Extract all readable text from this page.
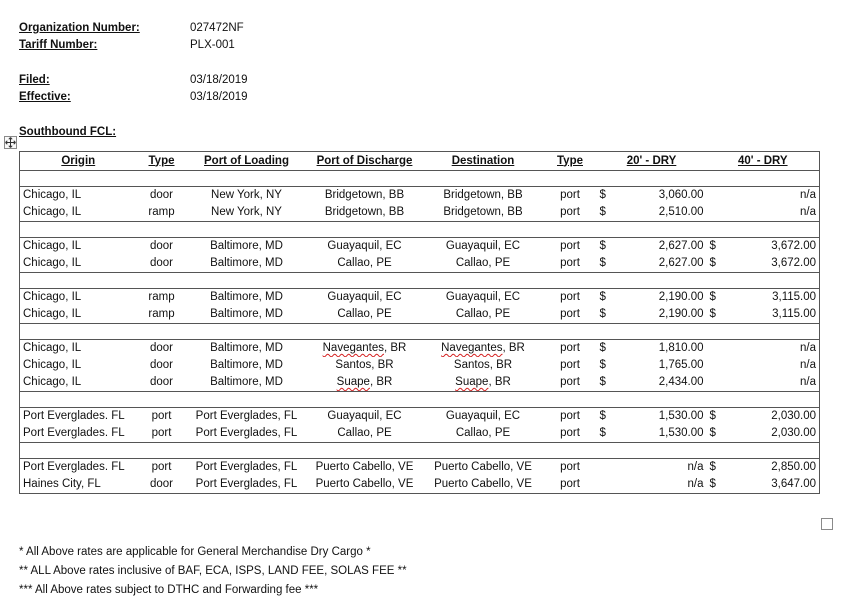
Organization Number:	027472NF
Tariff Number:	PLX-001
Filed:	03/18/2019
Effective:	03/18/2019
Southbound FCL:
Origin	Type	Port of Loading	Port of Discharge	Destination	Type	20' - DRY		40' - DRY	

Chicago, IL	door	New York, NY	Bridgetown, BB	Bridgetown, BB	port	$	3,060.00		n/a
Chicago, IL	ramp	New York, NY	Bridgetown, BB	Bridgetown, BB	port	$	2,510.00		n/a

Chicago, IL	door	Baltimore, MD	Guayaquil, EC	Guayaquil, EC	port	$	2,627.00	$	3,672.00
Chicago, IL	door	Baltimore, MD	Callao, PE	Callao, PE	port	$	2,627.00	$	3,672.00

Chicago, IL	ramp	Baltimore, MD	Guayaquil, EC	Guayaquil, EC	port	$	2,190.00	$	3,115.00
Chicago, IL	ramp	Baltimore, MD	Callao, PE	Callao, PE	port	$	2,190.00	$	3,115.00

Chicago, IL	door	Baltimore, MD	Navegantes, BR	Navegantes, BR	port	$	1,810.00		n/a
Chicago, IL	door	Baltimore, MD	Santos, BR	Santos, BR	port	$	1,765.00		n/a
Chicago, IL	door	Baltimore, MD	Suape, BR	Suape, BR	port	$	2,434.00		n/a

Port Everglades. FL	port	Port Everglades, FL	Guayaquil, EC	Guayaquil, EC	port	$	1,530.00	$	2,030.00
Port Everglades. FL	port	Port Everglades, FL	Callao, PE	Callao, PE	port	$	1,530.00	$	2,030.00

Port Everglades. FL	port	Port Everglades, FL	Puerto Cabello, VE	Puerto Cabello, VE	port		n/a	$	2,850.00
Haines City, FL	door	Port Everglades, FL	Puerto Cabello, VE	Puerto Cabello, VE	port		n/a	$	3,647.00
* All Above rates are applicable for General Merchandise Dry Cargo *
** ALL Above rates inclusive of BAF, ECA, ISPS, LAND FEE, SOLAS FEE **
*** All Above rates subject to DTHC and Forwarding fee ***
